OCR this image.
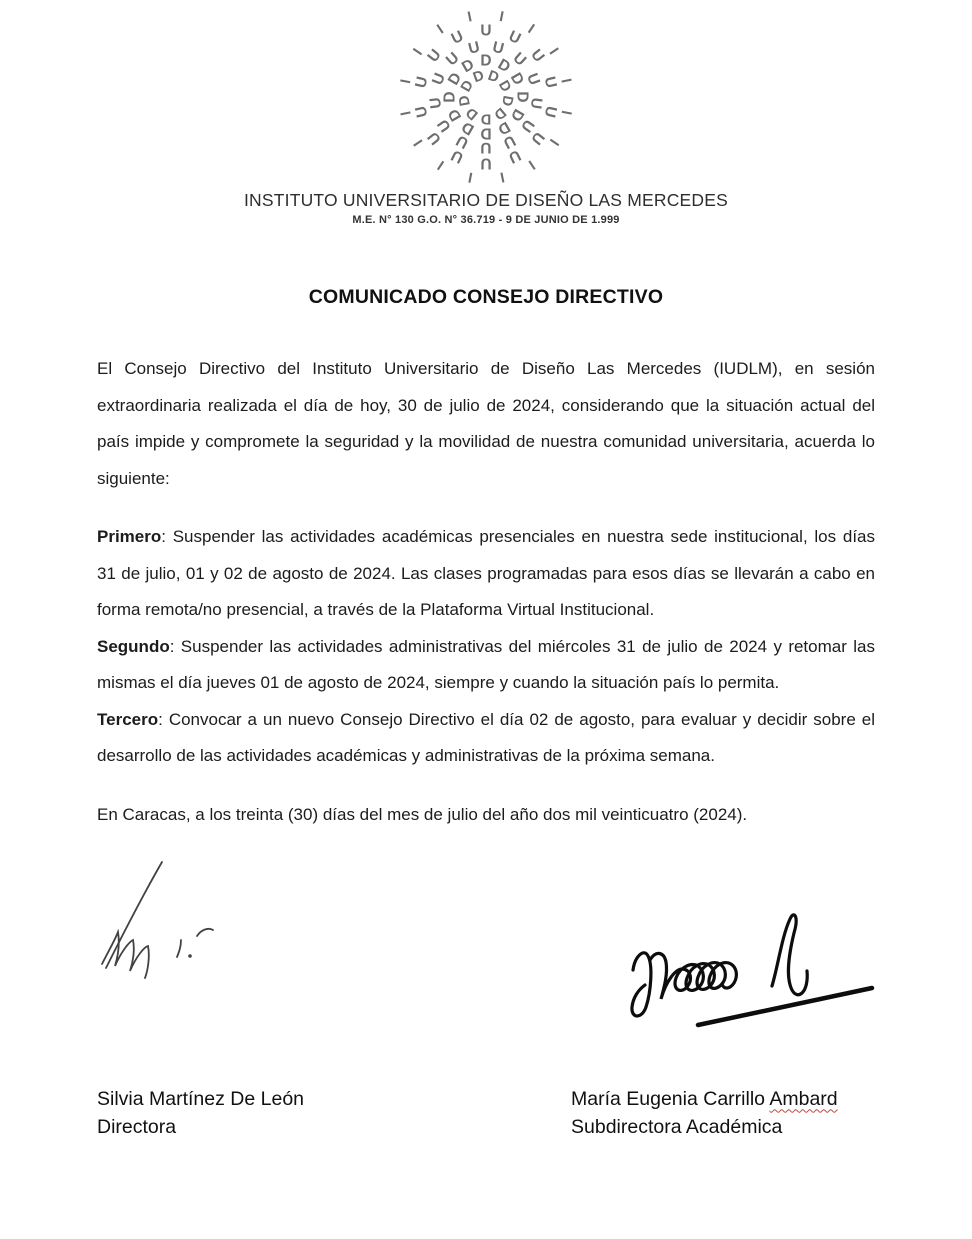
D
D
D
D
D
D
D
D
D
D D
D
D
D
D
D
D
D
D
D
D
U
U
U
U
U
U
U
U
U
U
U
U
U
U U
U
U
U
U
U
U
U
U
U
U
U
U
I
I
I
I
I
I
I
I
I
I
I
I
I
I
I
I
INSTITUTO UNIVERSITARIO DE DISEÑO LAS MERCEDES
M.E. N° 130 G.O. N° 36.719 - 9 DE JUNIO DE 1.999
COMUNICADO CONSEJO DIRECTIVO

El Consejo Directivo del Instituto Universitario de Diseño Las Mercedes (IUDLM), en sesión extraordinaria realizada el día de hoy, 30 de julio de 2024, considerando que la situación actual del país impide y compromete la seguridad y la movilidad de nuestra comunidad universitaria, acuerda lo siguiente:

Primero: Suspender las actividades académicas presenciales en nuestra sede institucional, los días 31 de julio, 01 y 02 de agosto de 2024. Las clases programadas para esos días se llevarán a cabo en forma remota/no presencial, a través de la Plataforma Virtual Institucional.

Segundo: Suspender las actividades administrativas del miércoles 31 de julio de 2024 y retomar las mismas el día jueves 01 de agosto de 2024, siempre y cuando la situación país lo permita.

Tercero: Convocar a un nuevo Consejo Directivo el día 02 de agosto, para evaluar y decidir sobre el desarrollo de las actividades académicas y administrativas de la próxima semana.

En Caracas, a los treinta (30) días del mes de julio del año dos mil veinticuatro (2024).

Silvia Martínez De León
Directora
María Eugenia Carrillo Ambard
Subdirectora Académica
